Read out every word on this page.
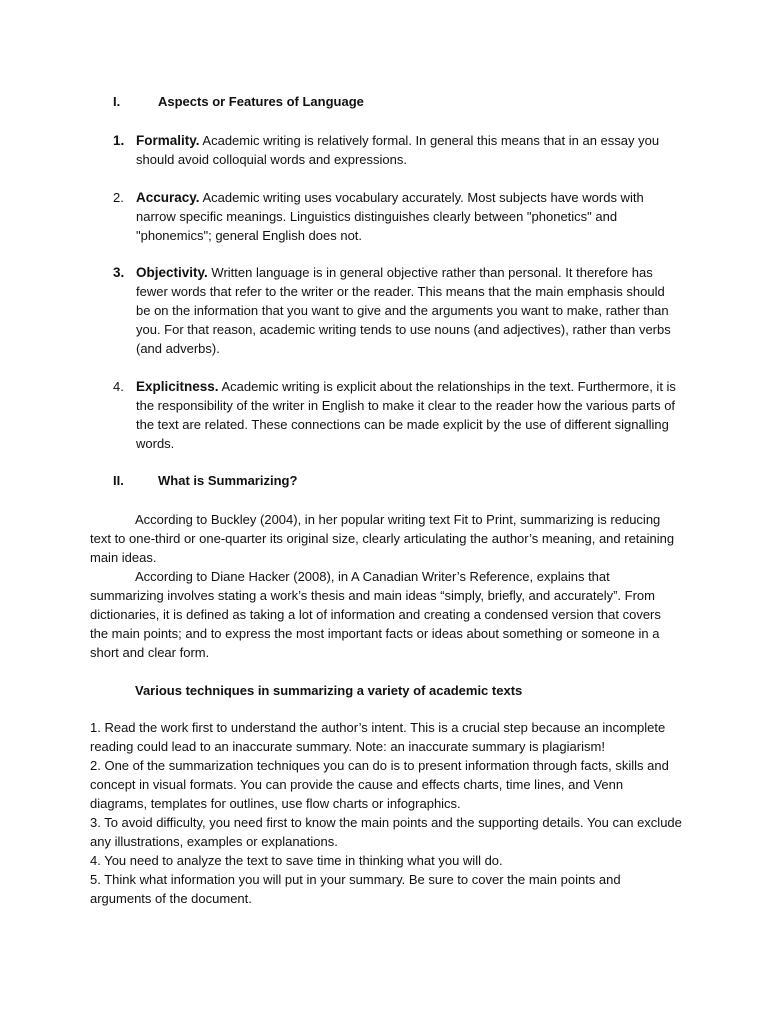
I.	Aspects or Features of Language
1. Formality. Academic writing is relatively formal. In general this means that in an essay you should avoid colloquial words and expressions.

2. Accuracy. Academic writing uses vocabulary accurately. Most subjects have words with narrow specific meanings. Linguistics distinguishes clearly between "phonetics" and "phonemics"; general English does not.

3. Objectivity. Written language is in general objective rather than personal. It therefore has fewer words that refer to the writer or the reader. This means that the main emphasis should be on the information that you want to give and the arguments you want to make, rather than you. For that reason, academic writing tends to use nouns (and adjectives), rather than verbs (and adverbs).

4. Explicitness. Academic writing is explicit about the relationships in the text. Furthermore, it is the responsibility of the writer in English to make it clear to the reader how the various parts of the text are related. These connections can be made explicit by the use of different signalling words.

II.	What is Summarizing?

According to Buckley (2004), in her popular writing text Fit to Print, summarizing is reducing text to one-third or one-quarter its original size, clearly articulating the author’s meaning, and retaining main ideas.

According to Diane Hacker (2008), in A Canadian Writer’s Reference, explains that summarizing involves stating a work’s thesis and main ideas “simply, briefly, and accurately”. From dictionaries, it is defined as taking a lot of information and creating a condensed version that covers the main points; and to express the most important facts or ideas about something or someone in a short and clear form.

Various techniques in summarizing a variety of academic texts

1. Read the work first to understand the author’s intent. This is a crucial step because an incomplete reading could lead to an inaccurate summary. Note: an inaccurate summary is plagiarism!

2. One of the summarization techniques you can do is to present information through facts, skills and concept in visual formats. You can provide the cause and effects charts, time lines, and Venn diagrams, templates for outlines, use flow charts or infographics.

3. To avoid difficulty, you need first to know the main points and the supporting details. You can exclude any illustrations, examples or explanations.

4. You need to analyze the text to save time in thinking what you will do.

5. Think what information you will put in your summary. Be sure to cover the main points and arguments of the document.
